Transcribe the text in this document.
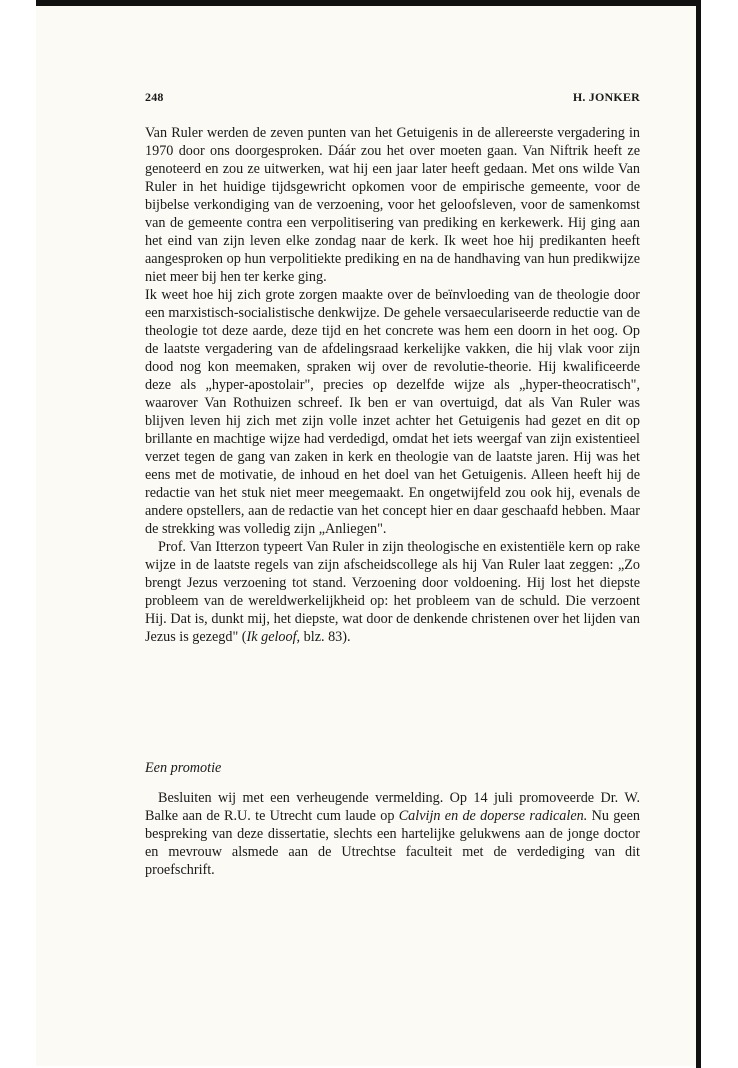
248	H. JONKER

Van Ruler werden de zeven punten van het Getuigenis in de allereerste vergadering in 1970 door ons doorgesproken. Dáár zou het over moeten gaan. Van Niftrik heeft ze genoteerd en zou ze uitwerken, wat hij een jaar later heeft gedaan. Met ons wilde Van Ruler in het huidige tijdsgewricht opkomen voor de empirische gemeente, voor de bijbelse verkondiging van de verzoening, voor het geloofsleven, voor de samenkomst van de gemeente contra een verpolitisering van prediking en kerkewerk. Hij ging aan het eind van zijn leven elke zondag naar de kerk. Ik weet hoe hij predikanten heeft aangesproken op hun verpolitiekte prediking en na de handhaving van hun predikwijze niet meer bij hen ter kerke ging.

Ik weet hoe hij zich grote zorgen maakte over de beïnvloeding van de theologie door een marxistisch-socialistische denkwijze. De gehele versaeculariseerde reductie van de theologie tot deze aarde, deze tijd en het concrete was hem een doorn in het oog. Op de laatste vergadering van de afdelingsraad kerkelijke vakken, die hij vlak voor zijn dood nog kon meemaken, spraken wij over de revolutie-theorie. Hij kwalificeerde deze als „hyper-apostolair", precies op dezelfde wijze als „hyper-theocratisch", waarover Van Rothuizen schreef. Ik ben er van overtuigd, dat als Van Ruler was blijven leven hij zich met zijn volle inzet achter het Getuigenis had gezet en dit op brillante en machtige wijze had verdedigd, omdat het iets weergaf van zijn existentieel verzet tegen de gang van zaken in kerk en theologie van de laatste jaren. Hij was het eens met de motivatie, de inhoud en het doel van het Getuigenis. Alleen heeft hij de redactie van het stuk niet meer meegemaakt. En ongetwijfeld zou ook hij, evenals de andere opstellers, aan de redactie van het concept hier en daar geschaafd hebben. Maar de strekking was volledig zijn „Anliegen".

Prof. Van Itterzon typeert Van Ruler in zijn theologische en existentiële kern op rake wijze in de laatste regels van zijn afscheidscollege als hij Van Ruler laat zeggen: „Zo brengt Jezus verzoening tot stand. Verzoening door voldoening. Hij lost het diepste probleem van de wereldwerkelijkheid op: het probleem van de schuld. Die verzoent Hij. Dat is, dunkt mij, het diepste, wat door de denkende christenen over het lijden van Jezus is gezegd" (Ik geloof, blz. 83).

Een promotie

Besluiten wij met een verheugende vermelding. Op 14 juli promoveerde Dr. W. Balke aan de R.U. te Utrecht cum laude op Calvijn en de doperse radicalen. Nu geen bespreking van deze dissertatie, slechts een hartelijke gelukwens aan de jonge doctor en mevrouw alsmede aan de Utrechtse faculteit met de verdediging van dit proefschrift.
